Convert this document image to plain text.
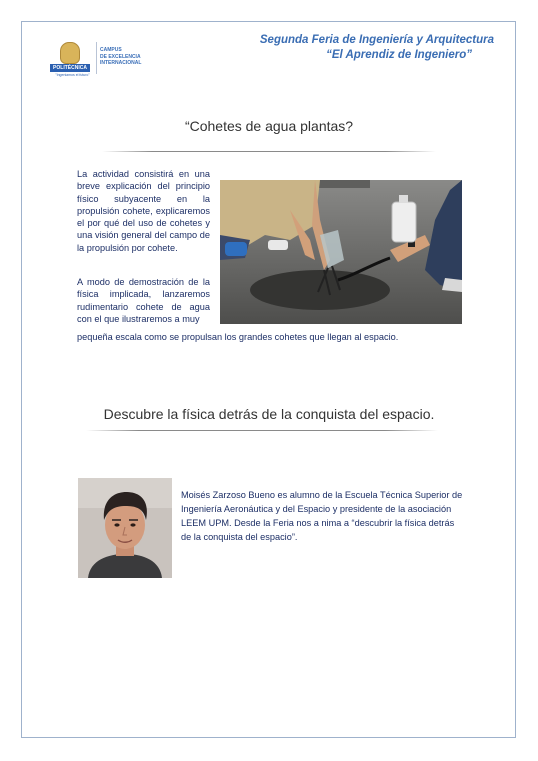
POLITÉCNICA
"Ingeniamos el futuro"
CAMPUS
DE EXCELENCIA
INTERNACIONAL
Segunda Feria de Ingeniería y Arquitectura
“El Aprendiz de Ingeniero”
“Cohetes de agua plantas?
La actividad consistirá en una breve explicación del principio físico subyacente en la propulsión cohete, explicaremos el por qué del uso de cohetes y una visión general del campo de la propulsión por cohete.
A modo de demostración de la física implicada, lanzaremos rudimentario cohete de agua con el que ilustraremos a muy
pequeña escala como se propulsan los grandes cohetes que llegan al espacio.
Descubre la física detrás de la conquista del espacio.
Moisés Zarzoso Bueno es alumno de la Escuela Técnica Superior de Ingeniería Aeronáutica y del Espacio y presidente de la asociación LEEM UPM. Desde la Feria nos a nima a “descubrir la física detrás de la conquista del espacio”.
